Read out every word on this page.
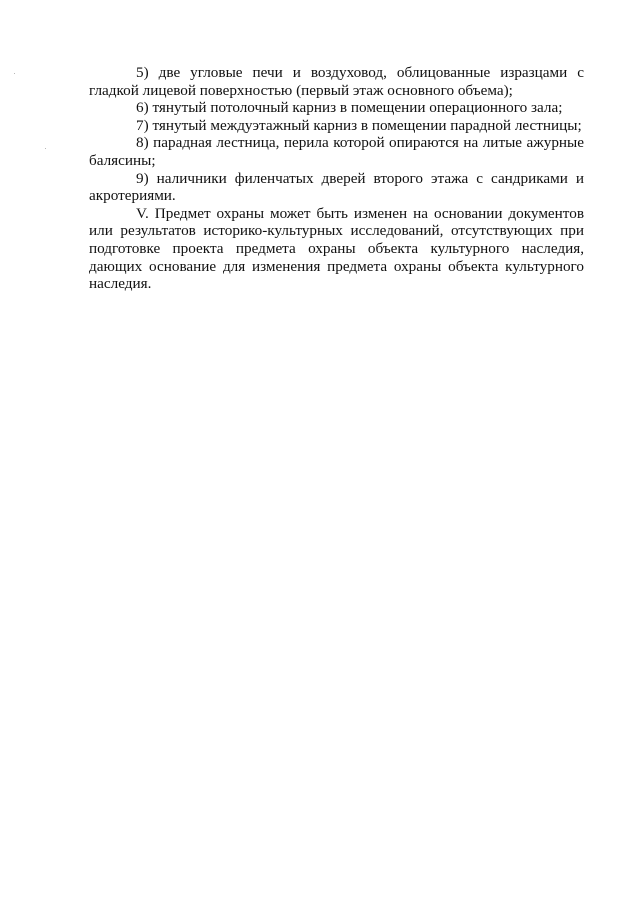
5) две угловые печи и воздуховод, облицованные изразцами с гладкой лицевой поверхностью (первый этаж основного объема);

6) тянутый потолочный карниз в помещении операционного зала;

7) тянутый междуэтажный карниз в помещении парадной лестницы;

8) парадная лестница, перила которой опираются на литые ажурные балясины;

9) наличники филенчатых дверей второго этажа с сандриками и акротериями.

V. Предмет охраны может быть изменен на основании документов или результатов историко-культурных исследований, отсутствующих при подготовке проекта предмета охраны объекта культурного наследия, дающих основание для изменения предмета охраны объекта культурного наследия.
